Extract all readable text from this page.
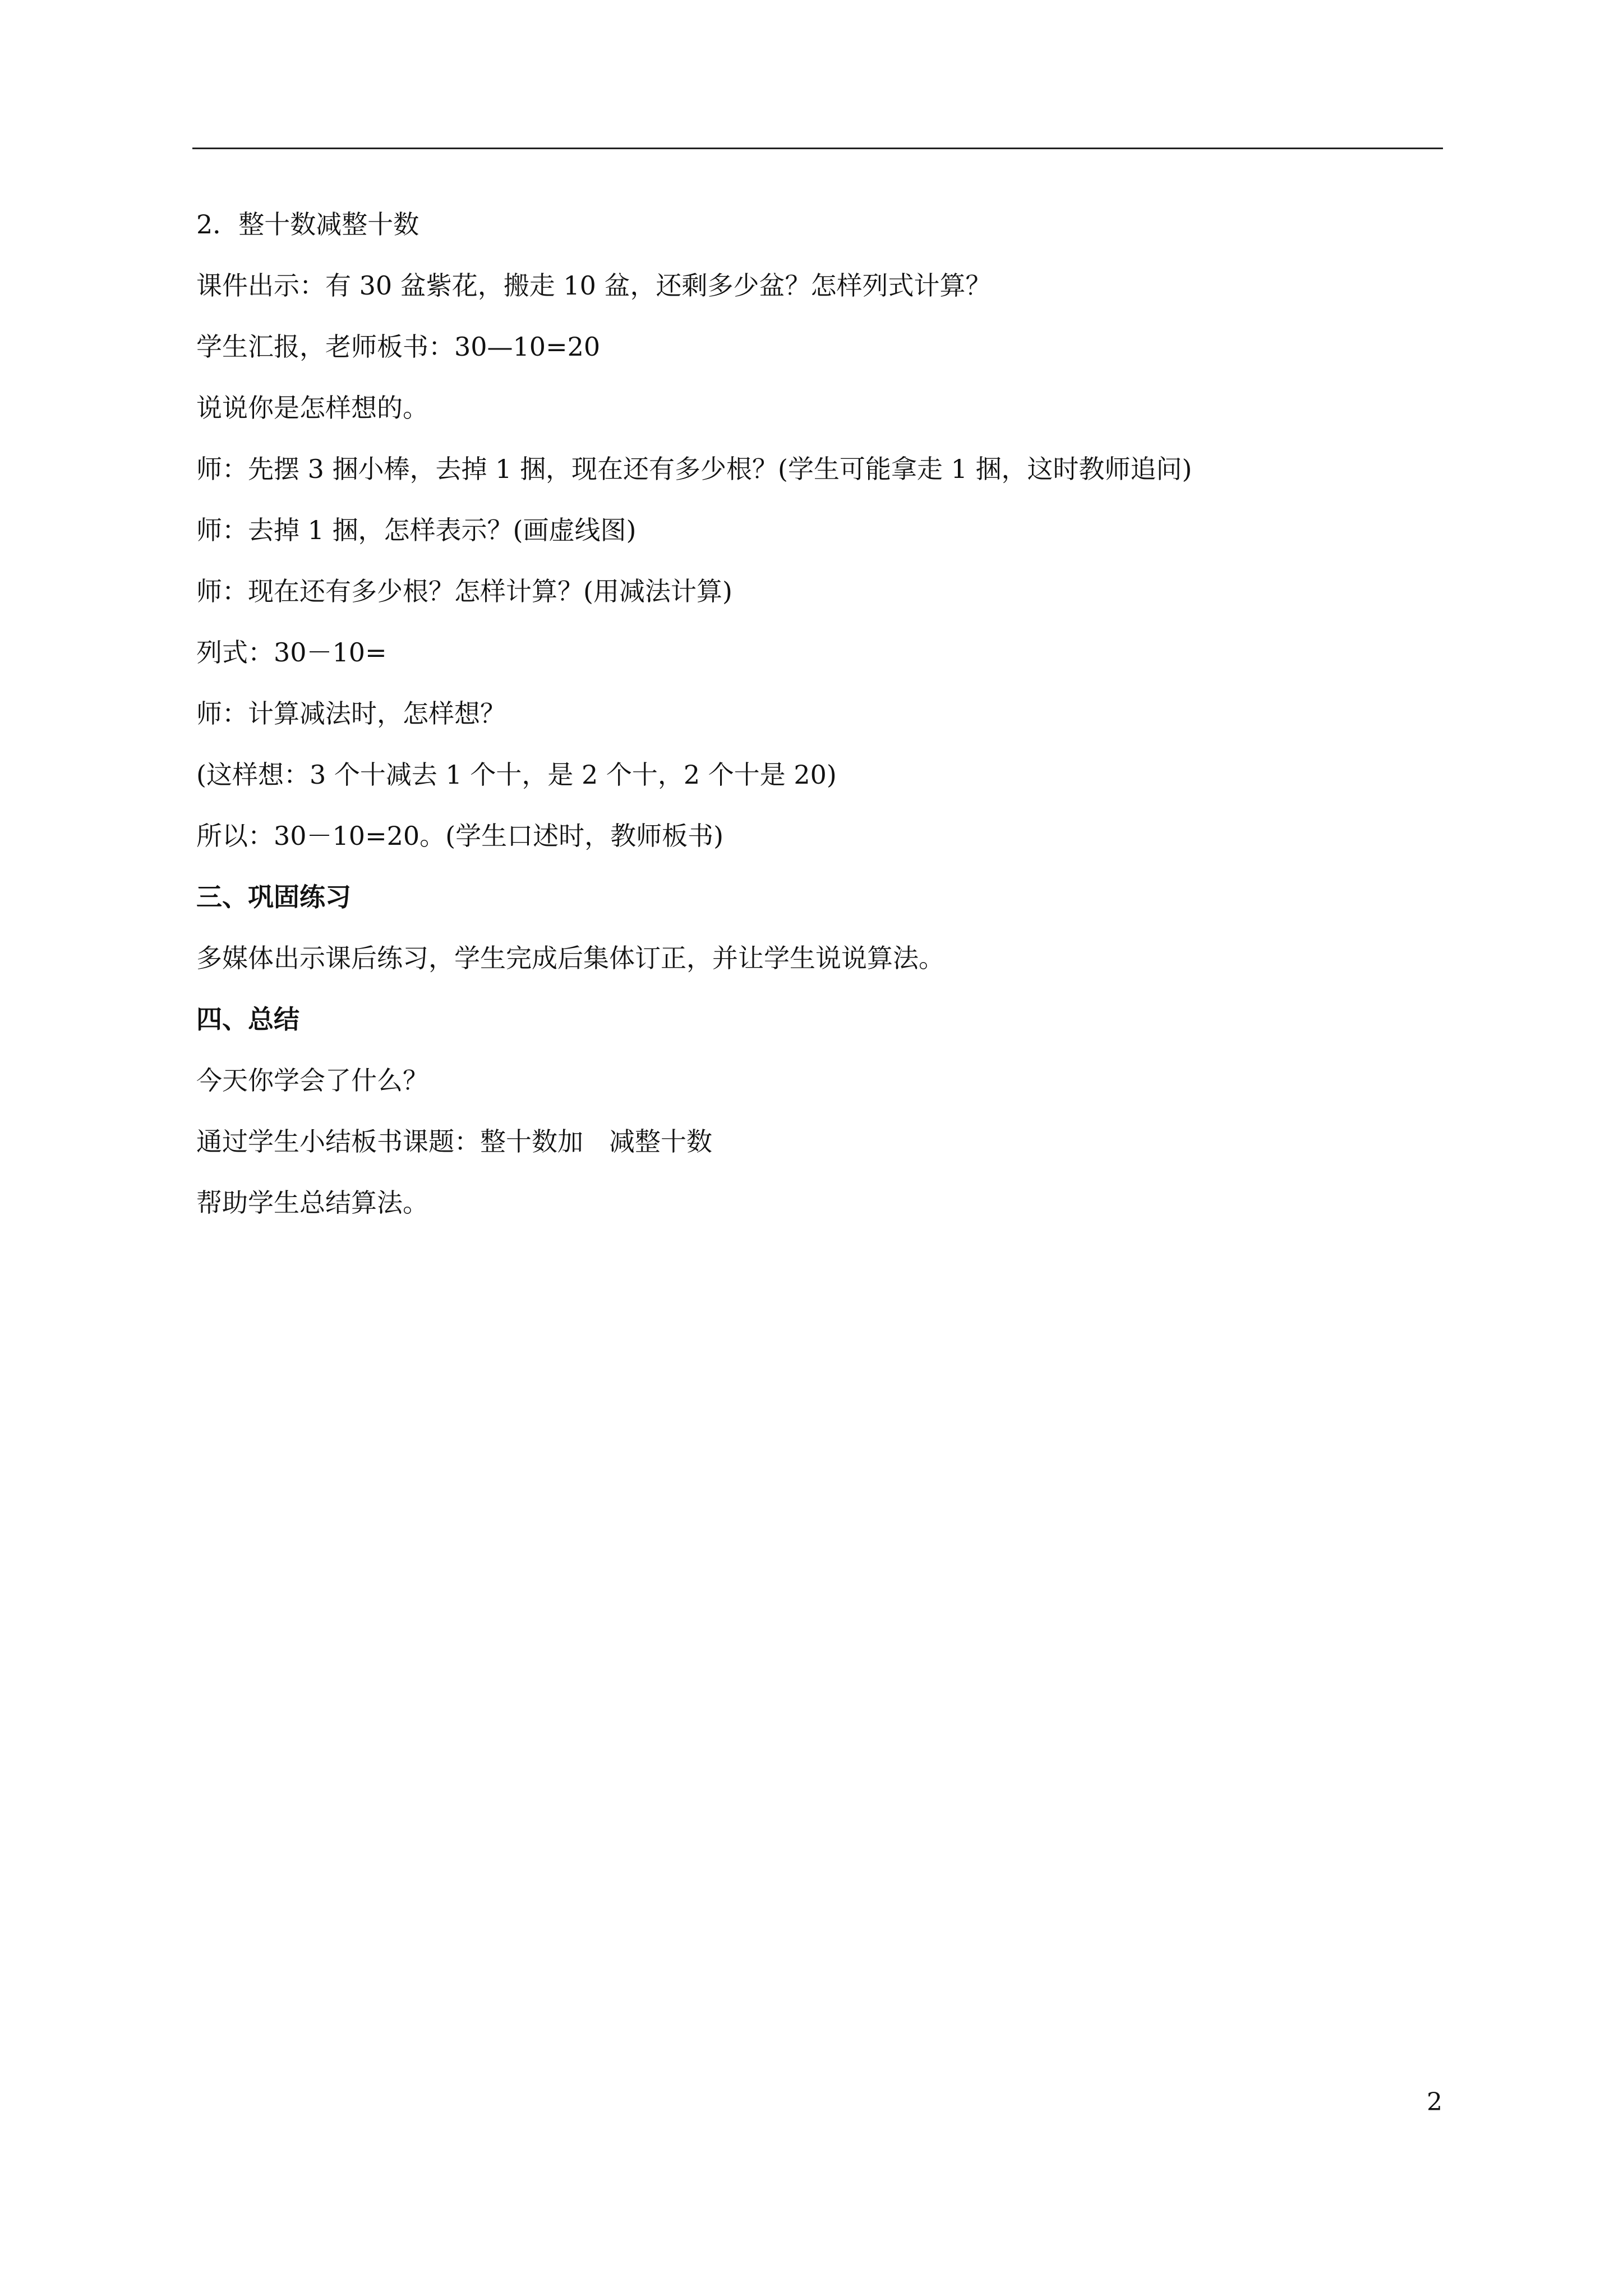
2．整十数减整十数

课件出示：有 30 盆紫花，搬走 10 盆，还剩多少盆？怎样列式计算？

学生汇报，老师板书：30—10=20

说说你是怎样想的。

师：先摆 3 捆小棒，去掉 1 捆，现在还有多少根？(学生可能拿走 1 捆，这时教师追问)

师：去掉 1 捆，怎样表示？(画虚线图)

师：现在还有多少根？怎样计算？(用减法计算)

列式：30－10=

师：计算减法时，怎样想？

(这样想：3 个十减去 1 个十，是 2 个十，2 个十是 20)

所以：30－10=20。(学生口述时，教师板书)

三、巩固练习

多媒体出示课后练习，学生完成后集体订正，并让学生说说算法。

四、总结

今天你学会了什么？

通过学生小结板书课题：整十数加　减整十数

帮助学生总结算法。

2
